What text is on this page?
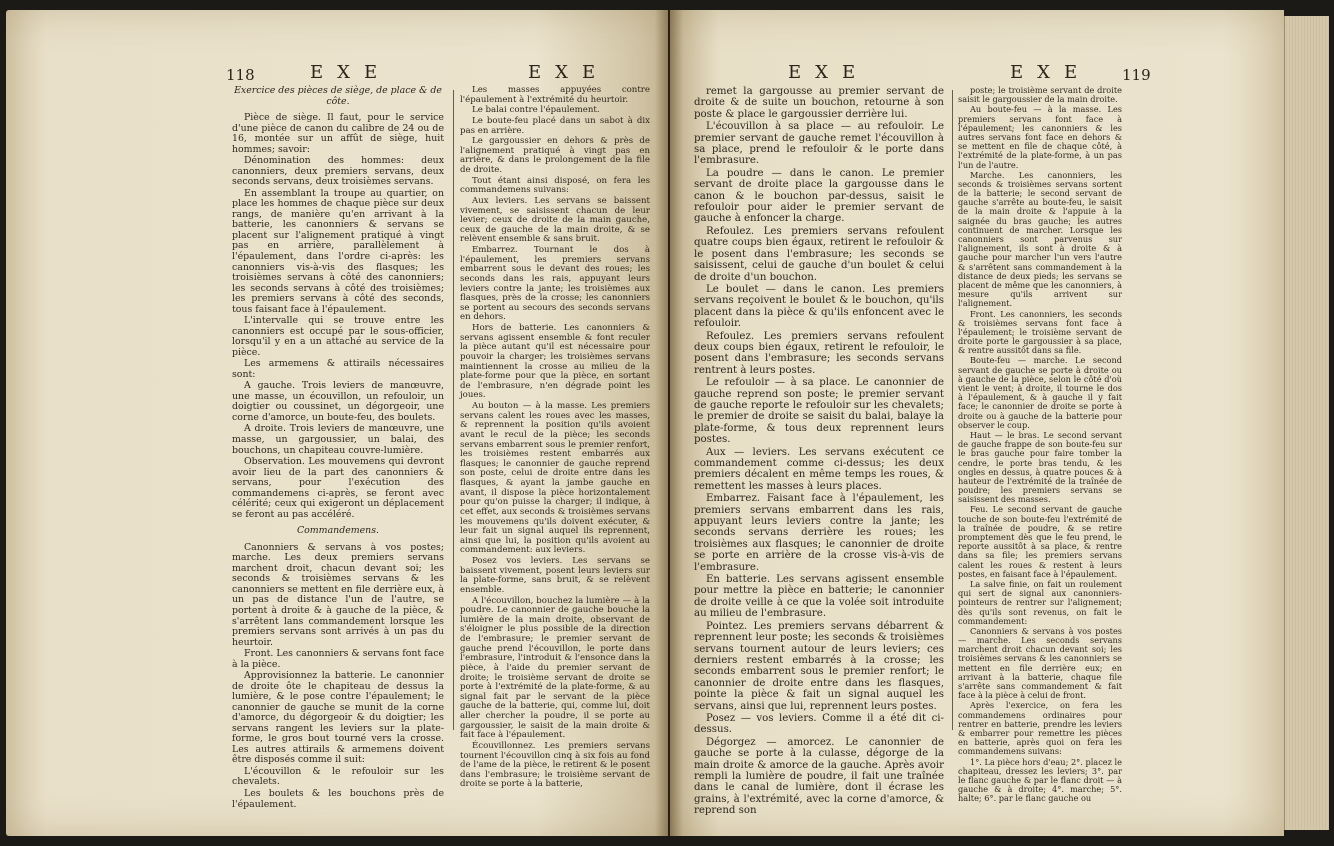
118	EXE	EXE	EXE	EXE 119

Exercice des pièces de siège, de place & de côte.

Pièce de siège. Il faut, pour le service d'une pièce de canon du calibre de 24 ou de 16, montée sur un affût de siège, huit hommes; savoir:

Dénomination des hommes: deux canonniers, deux premiers servans, deux seconds servans, deux troisièmes servans.

En assemblant la troupe au quartier, on place les hommes de chaque pièce sur deux rangs, de manière qu'en arrivant à la batterie, les canonniers & servans se placent sur l'alignement pratiqué à vingt pas en arrière, parallèlement à l'épaulement, dans l'ordre ci-après: les canonniers vis-à-vis des flasques; les troisièmes servans à côté des canonniers; les seconds servans à côté des troisièmes; les premiers servans à côté des seconds, tous faisant face à l'épaulement.

L'intervalle qui se trouve entre les canonniers est occupé par le sous-officier, lorsqu'il y en a un attaché au service de la pièce.

Les armemens & attirails nécessaires sont:

A gauche. Trois leviers de manœuvre, une masse, un écouvillon, un refouloir, un doigtier ou coussinet, un dégorgeoir, une corne d'amorce, un boute-feu, des boulets.

A droite. Trois leviers de manœuvre, une masse, un gargoussier, un balai, des bouchons, un chapiteau couvre-lumière.

Observation. Les mouvemens qui devront avoir lieu de la part des canonniers & servans, pour l'exécution des commandemens ci-après, se feront avec célérité; ceux qui exigeront un déplacement se feront au pas accéléré.

Commandemens.

Canonniers & servans à vos postes; marche. Les deux premiers servans marchent droit, chacun devant soi; les seconds & troisièmes servans & les canonniers se mettent en file derrière eux, à un pas de distance l'un de l'autre, se portent à droite & à gauche de la pièce, & s'arrêtent lans commandement lorsque les premiers servans sont arrivés à un pas du heurtoir.

Front. Les canonniers & servans font face à la pièce.

Approvisionnez la batterie. Le canonnier de droite ôte le chapiteau de dessus la lumière, & le pose contre l'épaulement; le canonnier de gauche se munit de la corne d'amorce, du dégorgeoir & du doigtier; les servans rangent les leviers sur la plate-forme, le gros bout tourné vers la crosse. Les autres attirails & armemens doivent être disposés comme il suit:

L'écouvillon & le refouloir sur les chevalets.

Les boulets & les bouchons près de l'épaulement.

Les masses appuyées contre l'épaulement à l'extrémité du heurtoir.

Le balai contre l'épaulement.

Le boute-feu placé dans un sabot à dix pas en arrière.

Le gargoussier en dehors & près de l'alignement pratiqué à vingt pas en arrière, & dans le prolongement de la file de droite.

Tout étant ainsi disposé, on fera les commandemens suivans:

Aux leviers. Les servans se baissent vivement, se saisissent chacun de leur levier; ceux de droite de la main gauche, ceux de gauche de la main droite, & se relèvent ensemble & sans bruit.

Embarrez. Tournant le dos à l'épaulement, les premiers servans embarrent sous le devant des roues; les seconds dans les rais, appuyant leurs leviers contre la jante; les troisièmes aux flasques, près de la crosse; les canonniers se portent au secours des seconds servans en dehors.

Hors de batterie. Les canonniers & servans agissent ensemble & font reculer la pièce autant qu'il est nécessaire pour pouvoir la charger; les troisièmes servans maintiennent la crosse au milieu de la plate-forme pour que la pièce, en sortant de l'embrasure, n'en dégrade point les joues.

Au bouton — à la masse. Les premiers servans calent les roues avec les masses, & reprennent la position qu'ils avoient avant le recul de la pièce; les seconds servans embarrent sous le premier renfort, les troisièmes restent embarrés aux flasques; le canonnier de gauche reprend son poste, celui de droite entre dans les flasques, & ayant la jambe gauche en avant, il dispose la pièce horizontalement pour qu'on puisse la charger; il indique, à cet effet, aux seconds & troisièmes servans les mouvemens qu'ils doivent exécuter, & leur fait un signal auquel ils reprennent, ainsi que lui, la position qu'ils avoient au commandement: aux leviers.

Posez vos leviers. Les servans se baissent vivement, posent leurs leviers sur la plate-forme, sans bruit, & se relèvent ensemble.

A l'écouvillon, bouchez la lumière — à la poudre. Le canonnier de gauche bouche la lumière de la main droite, observant de s'éloigner le plus possible de la direction de l'embrasure; le premier servant de gauche prend l'écouvillon, le porte dans l'embrasure, l'introduit & l'ensonce dans la pièce, à l'aide du premier servant de droite; le troisième servant de droite se porte à l'extrémité de la plate-forme, & au signal fait par le servant de la pièce gauche de la batterie, qui, comme lui, doit aller chercher la poudre, il se porte au gargoussier, le saisit de la main droite & fait face à l'épaulement.

Écouvillonnez. Les premiers servans tournent l'écouvillon cinq à six fois au fond de l'ame de la pièce, le retirent & le posent dans l'embrasure; le troisième servant de droite se porte à la batterie,

remet la gargousse au premier servant de droite & de suite un bouchon, retourne à son poste & place le gargoussier derrière lui.

L'écouvillon à sa place — au refouloir. Le premier servant de gauche remet l'écouvillon à sa place, prend le refouloir & le porte dans l'embrasure.

La poudre — dans le canon. Le premier servant de droite place la gargousse dans le canon & le bouchon par-dessus, saisit le refouloir pour aider le premier servant de gauche à enfoncer la charge.

Refoulez. Les premiers servans refoulent quatre coups bien égaux, retirent le refouloir & le posent dans l'embrasure; les seconds se saisissent, celui de gauche d'un boulet & celui de droite d'un bouchon.

Le boulet — dans le canon. Les premiers servans reçoivent le boulet & le bouchon, qu'ils placent dans la pièce & qu'ils enfoncent avec le refouloir.

Refoulez. Les premiers servans refoulent deux coups bien égaux, retirent le refouloir, le posent dans l'embrasure; les seconds servans rentrent à leurs postes.

Le refouloir — à sa place. Le canonnier de gauche reprend son poste; le premier servant de gauche reporte le refouloir sur les chevalets; le premier de droite se saisit du balai, balaye la plate-forme, & tous deux reprennent leurs postes.

Aux — leviers. Les servans exécutent ce commandement comme ci-dessus; les deux premiers décalent en même temps les roues, & remettent les masses à leurs places.

Embarrez. Faisant face à l'épaulement, les premiers servans embarrent dans les rais, appuyant leurs leviers contre la jante; les seconds servans derrière les roues; les troisièmes aux flasques; le canonnier de droite se porte en arrière de la crosse vis-à-vis de l'embrasure.

En batterie. Les servans agissent ensemble pour mettre la pièce en batterie; le canonnier de droite veille à ce que la volée soit introduite au milieu de l'embrasure.

Pointez. Les premiers servans débarrent & reprennent leur poste; les seconds & troisièmes servans tournent autour de leurs leviers; ces derniers restent embarrés à la crosse; les seconds embarrent sous le premier renfort; le canonnier de droite entre dans les flasques, pointe la pièce & fait un signal auquel les servans, ainsi que lui, reprennent leurs postes.

Posez — vos leviers. Comme il a été dit ci-dessus.

Dégorgez — amorcez. Le canonnier de gauche se porte à la culasse, dégorge de la main droite & amorce de la gauche. Après avoir rempli la lumière de poudre, il fait une traînée dans le canal de lumière, dont il écrase les grains, à l'extrémité, avec la corne d'amorce, & reprend son

poste; le troisième servant de droite saisit le gargoussier de la main droite.

Au boute-feu — à la masse. Les premiers servans font face à l'épaulement; les canonniers & les autres servans font face en dehors & se mettent en file de chaque côté, à l'extrémité de la plate-forme, à un pas l'un de l'autre.

Marche. Les canonniers, les seconds & troisièmes servans sortent de la batterie; le second servant de gauche s'arrête au boute-feu, le saisit de la main droite & l'appuie à la saignée du bras gauche; les autres continuent de marcher. Lorsque les canonniers sont parvenus sur l'alignement, ils sont à droite & à gauche pour marcher l'un vers l'autre & s'arrêtent sans commandement à la distance de deux pieds; les servans se placent de même que les canonniers, à mesure qu'ils arrivent sur l'alignement.

Front. Les canonniers, les seconds & troisièmes servans font face à l'épaulement; le troisième servant de droite porte le gargoussier à sa place, & rentre aussitôt dans sa file.

Boute-feu — marche. Le second servant de gauche se porte à droite ou à gauche de la pièce, selon le côté d'où vient le vent; à droite, il tourne le dos à l'épaulement, & à gauche il y fait face; le canonnier de droite se porte à droite ou à gauche de la batterie pour observer le coup.

Haut — le bras. Le second servant de gauche frappe de son boute-feu sur le bras gauche pour faire tomber la cendre, le porte bras tendu, & les ongles en dessus, à quatre pouces & à hauteur de l'extrémité de la traînée de poudre; les premiers servans se saisissent des masses.

Feu. Le second servant de gauche touche de son boute-feu l'extrémité de la traînée de poudre, & se retire promptement dès que le feu prend, le reporte aussitôt à sa place, & rentre dans sa file; les premiers servans calent les roues & restent à leurs postes, en faisant face à l'épaulement.

La salve finie, on fait un roulement qui sert de signal aux canonniers-pointeurs de rentrer sur l'alignement; dès qu'ils sont revenus, on fait le commandement:

Canonniers & servans à vos postes — marche. Les seconds servans marchent droit chacun devant soi; les troisièmes servans & les canonniers se mettent en file derrière eux; en arrivant à la batterie, chaque file s'arrête sans commandement & fait face à la pièce à celui de front.

Après l'exercice, on fera les commandemens ordinaires pour rentrer en batterie, prendre les leviers & embarrer pour remettre les pièces en batterie, après quoi on fera les commandemens suivans:

1°. La pièce hors d'eau; 2°. placez le chapiteau, dressez les leviers; 3°. par le flanc gauche & par le flanc droit — à gauche & à droite; 4°. marche; 5°. halte; 6°. par le flanc gauche ou
